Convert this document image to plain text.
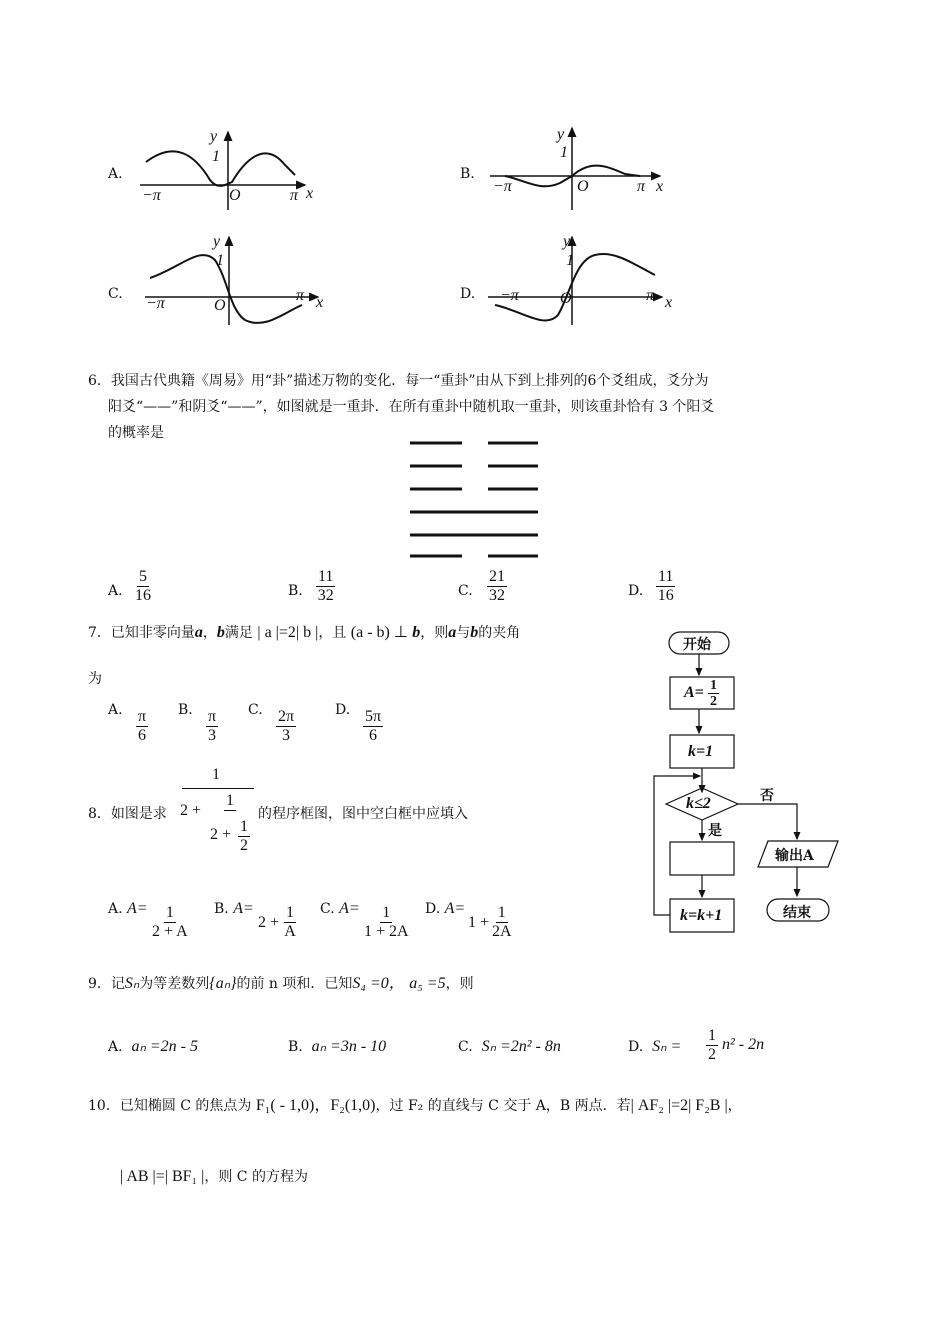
A.	B.
C.	D.
y
1
O
−π	π x
y
1
O
−π	π x
y
1
O
−π	π x
y
1
O
−π	π x
6．我国古代典籍《周易》用“卦”描述万物的变化．每一“重卦”由从下到上排列的6个爻组成，爻分为
阳爻“——”和阴爻“——”，如图就是一重卦．在所有重卦中随机取一重卦，则该重卦恰有 3 个阳爻
的概率是
A. $\frac{5}{16}$	B. $\frac{11}{32}$	C. $\frac{21}{32}$	D. $\frac{11}{16}$
7．已知非零向量a，b满足 | a |=2| b |，且 (a - b) ⊥ b，则a与b的夹角
为
A. $\frac{\pi}{6} B$. $\frac{\pi}{3} C$. $\frac{2\pi}{3}$	D. $\frac{5\pi}{6}$
8．如图是求
1
2 +
1
$2 + \frac{1}{2}$
的程序框图，图中空白框中应填入
A. $A= \frac{1}{2 + A} B$. A=
$2 + \frac{1}{A} C$. $A= \frac{1}{1 + 2A} D$. A=
$1 + \frac{1}{2A}$
开始
$A= \frac{1}{2}$
k=1
k≤2
是
否
k=k+1
输出A
结束
9．记Sₙ为等差数列{aₙ}的前 n 项和．已知S₄ =0， a₅ =5，则
A. aₙ =2n - 5	B. aₙ =3n - 10	C. Sₙ =2n² - 8n	D. $S_n = \frac{1}{2} n^2 - 2n$
10．已知椭圆 C 的焦点为 F₁( - 1,0)，F₂(1,0)，过 F₂ 的直线与 C 交于 A，B 两点．若| AF₂ |=2| F₂B |，
| AB |=| BF₁ |，则 C 的方程为
